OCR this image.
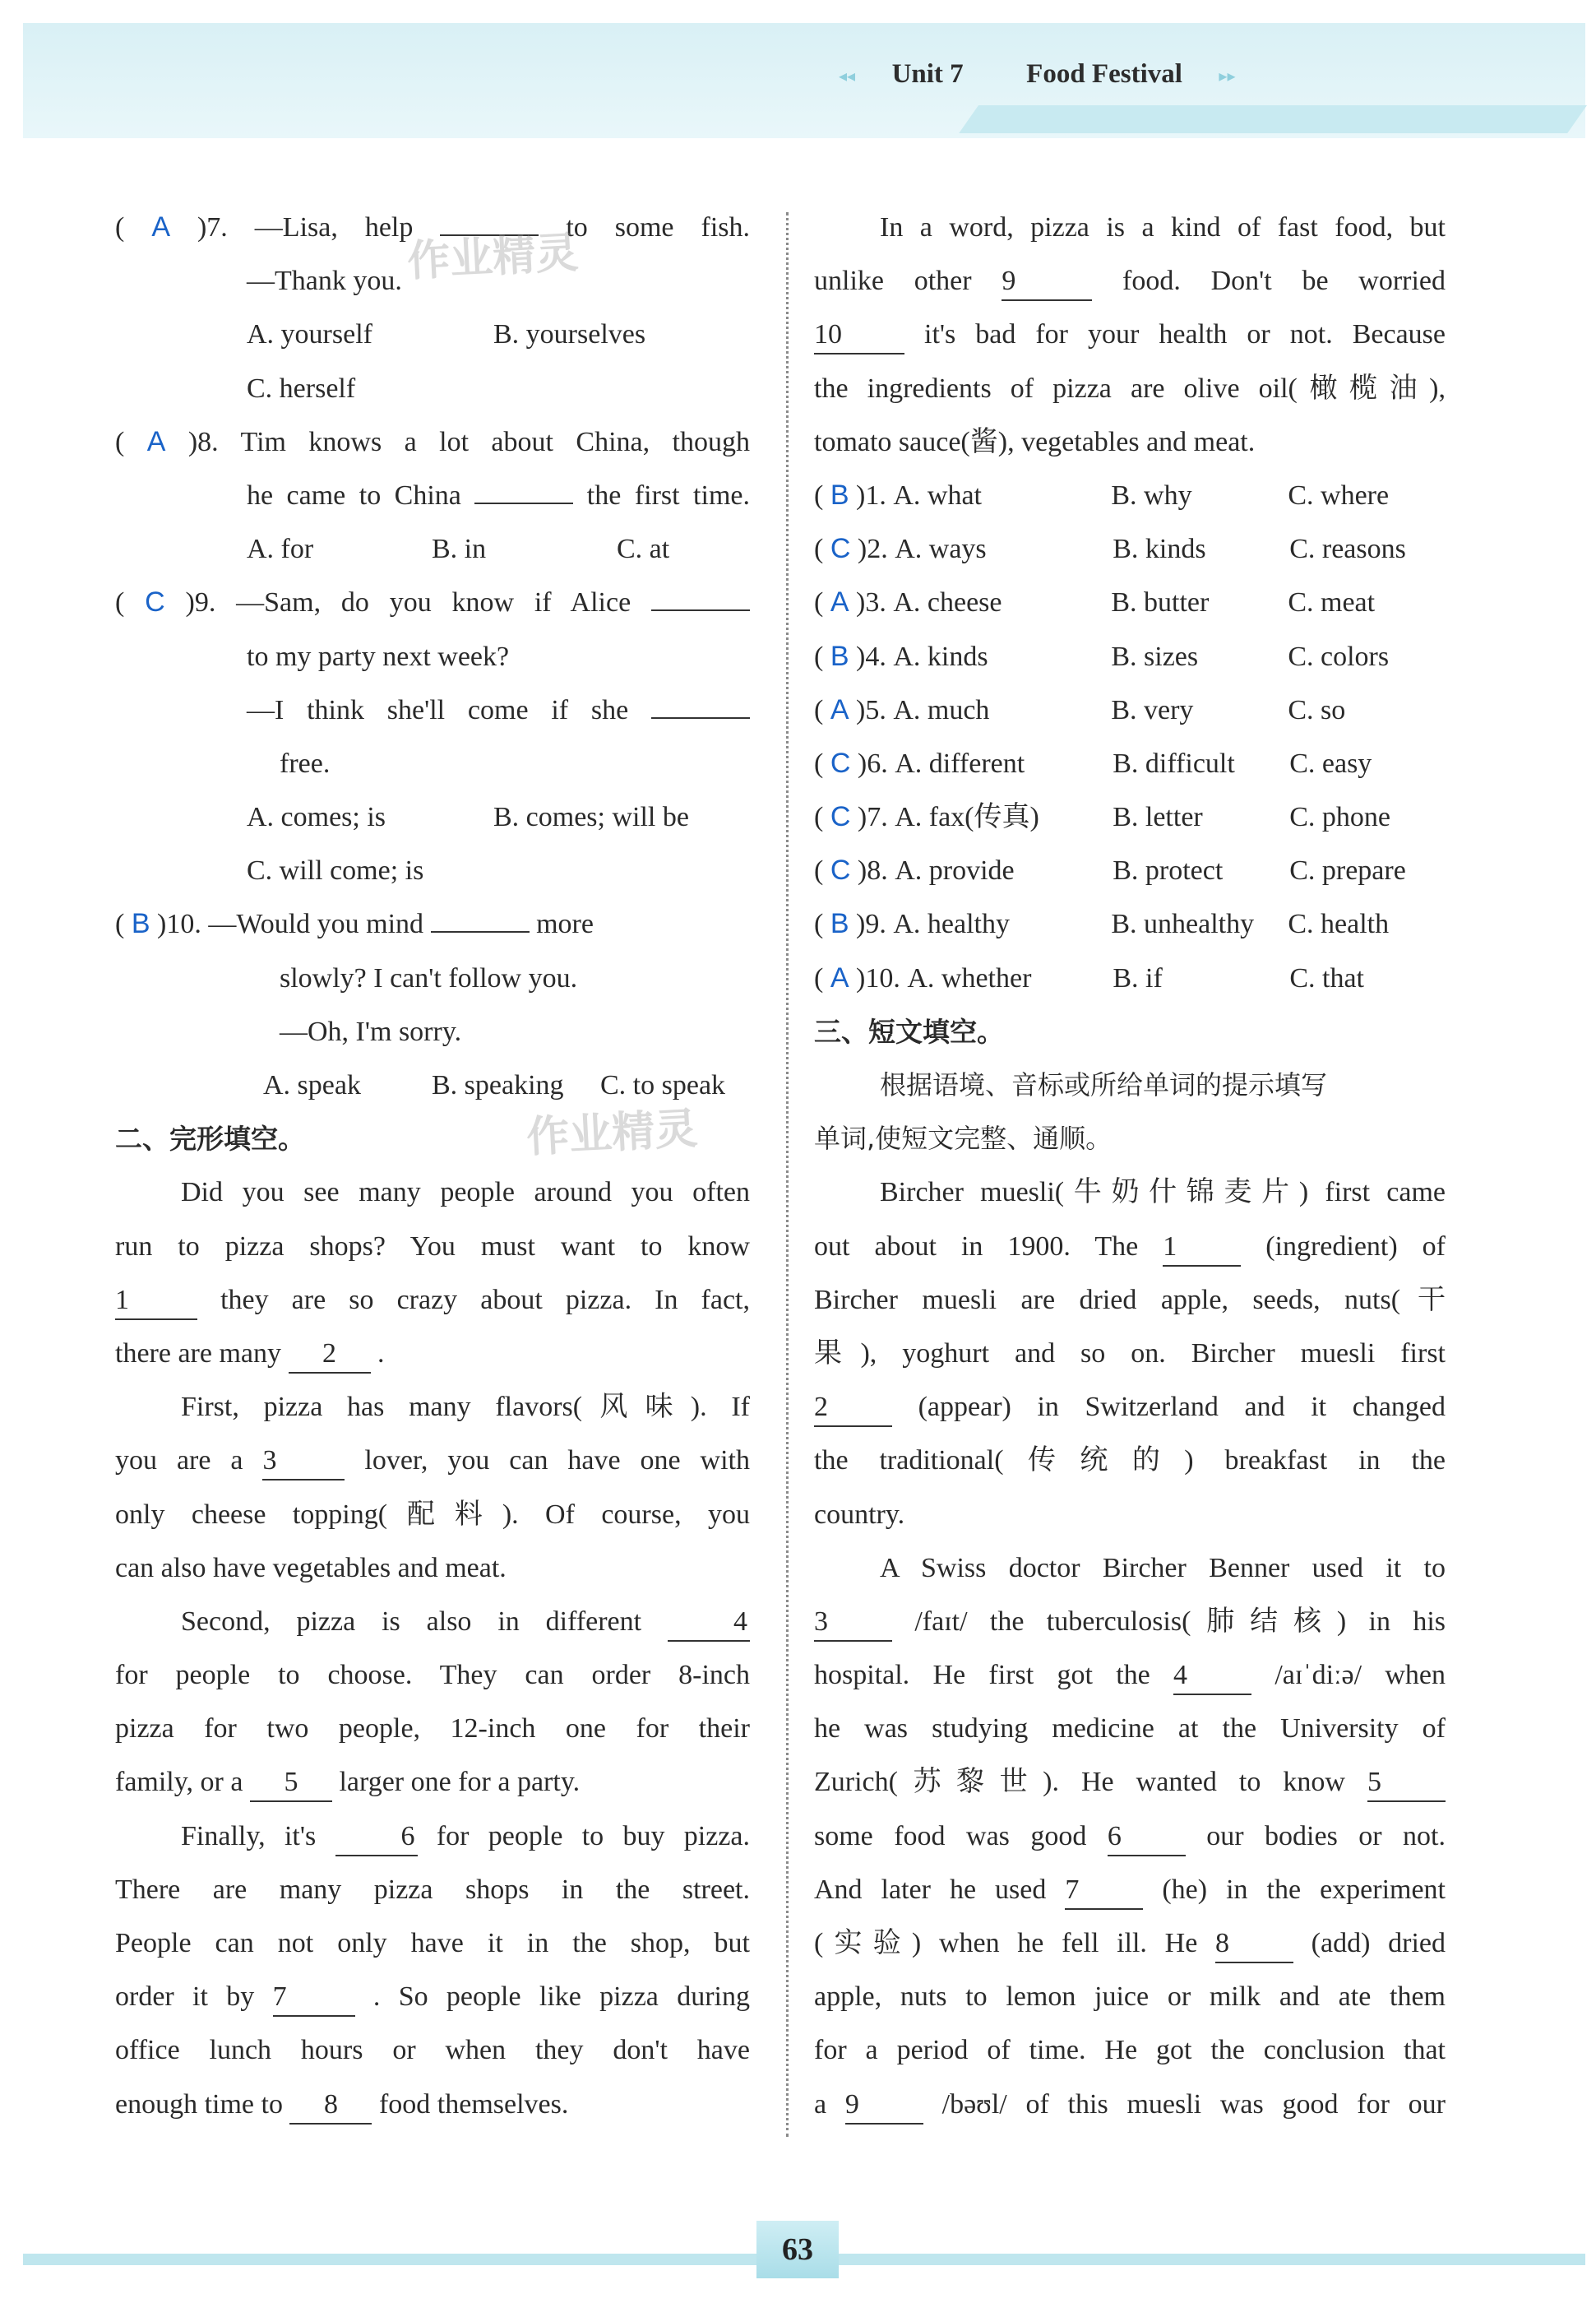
◂◂ Unit 7 Food Festival ▸▸
( A )7. —Lisa, help	to some fish.
—Thank you.
A. yourself	B. yourselves
C. herself
( A )8. Tim knows a lot about China, though
he came to China	the first time.
A. for	B. in	C. at
( C )9. —Sam, do you know if Alice
to my party next week?
—I think she'll come if she
free.
A. comes; is	B. comes; will be
C. will come; is
( B )10. —Would you mind	more
slowly? I can't follow you.
—Oh, I'm sorry.
A. speak	B. speaking C. to speak
二、完形填空。
Did you see many people around you often
run to pizza shops? You must want to know
1 they are so crazy about pizza. In fact,
there are many 2 .
First, pizza has many flavors(风味). If
you are a 3 lover, you can have one with
only cheese topping(配料). Of course, you
can also have vegetables and meat.
Second, pizza is also in different 4
for people to choose. They can order 8-inch
pizza for two people, 12-inch one for their
family, or a 5 larger one for a party.
Finally, it's 6 for people to buy pizza.
There are many pizza shops in the street.
People can not only have it in the shop, but
order it by 7 . So people like pizza during
office lunch hours or when they don't have
enough time to 8 food themselves.
In a word, pizza is a kind of fast food, but
unlike other 9	food. Don't be worried
10 it's bad for your health or not. Because
the ingredients of pizza are olive oil(橄榄油),
tomato sauce(酱), vegetables and meat.
( B )1. A. what	B. why	C. where
( C )2. A. ways	B. kinds	C. reasons
( A )3. A. cheese	B. butter	C. meat
( B )4. A. kinds	B. sizes	C. colors
( A )5. A. much	B. very	C. so
( C )6. A. different	B. difficult C. easy
( C )7. A. fax(传真)	B. letter	C. phone
( C )8. A. provide	B. protect C. prepare
( B )9. A. healthy	B. unhealthy C. health
( A )10. A. whether	B. if	C. that
三、短文填空。
根据语境、音标或所给单词的提示填写
单词,使短文完整、通顺。
Bircher muesli(牛奶什锦麦片) first came
out about in 1900. The 1 (ingredient) of
Bircher muesli are dried apple, seeds, nuts(干
果), yoghurt and so on. Bircher muesli first
2 (appear) in Switzerland and it changed
the traditional(传统的) breakfast in the
country.
A Swiss doctor Bircher Benner used it to
3 /faɪt/ the tuberculosis(肺结核) in his
hospital. He first got the 4 /aɪˈdiːə/ when
he was studying medicine at the University of
Zurich(苏黎世). He wanted to know 5
some food was good 6 our bodies or not.
And later he used 7 (he) in the experiment
(实验) when he fell ill. He 8 (add) dried
apple, nuts to lemon juice or milk and ate them
for a period of time. He got the conclusion that
a 9 /bəʊl/ of this muesli was good for our
作业精灵
作业精灵
63
